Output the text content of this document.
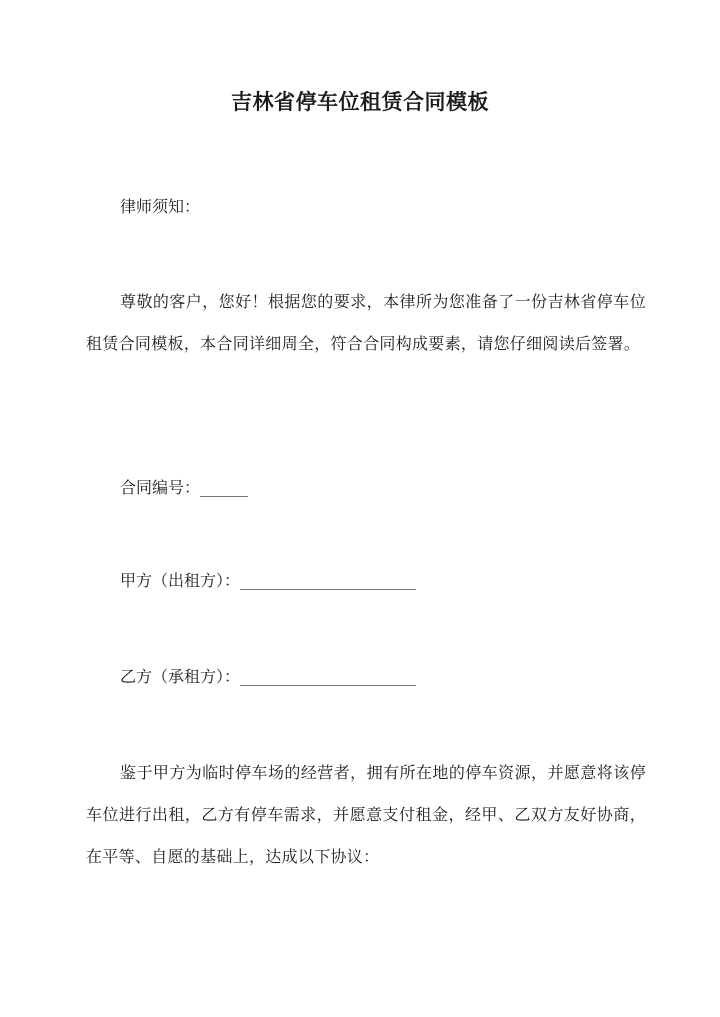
吉林省停车位租赁合同模板

律师须知：

尊敬的客户，您好！根据您的要求，本律所为您准备了一份吉林省停车位租赁合同模板，本合同详细周全，符合合同构成要素，请您仔细阅读后签署。

合同编号：______

甲方（出租方）：______________________

乙方（承租方）：______________________

鉴于甲方为临时停车场的经营者，拥有所在地的停车资源，并愿意将该停车位进行出租，乙方有停车需求，并愿意支付租金，经甲、乙双方友好协商，在平等、自愿的基础上，达成以下协议：
